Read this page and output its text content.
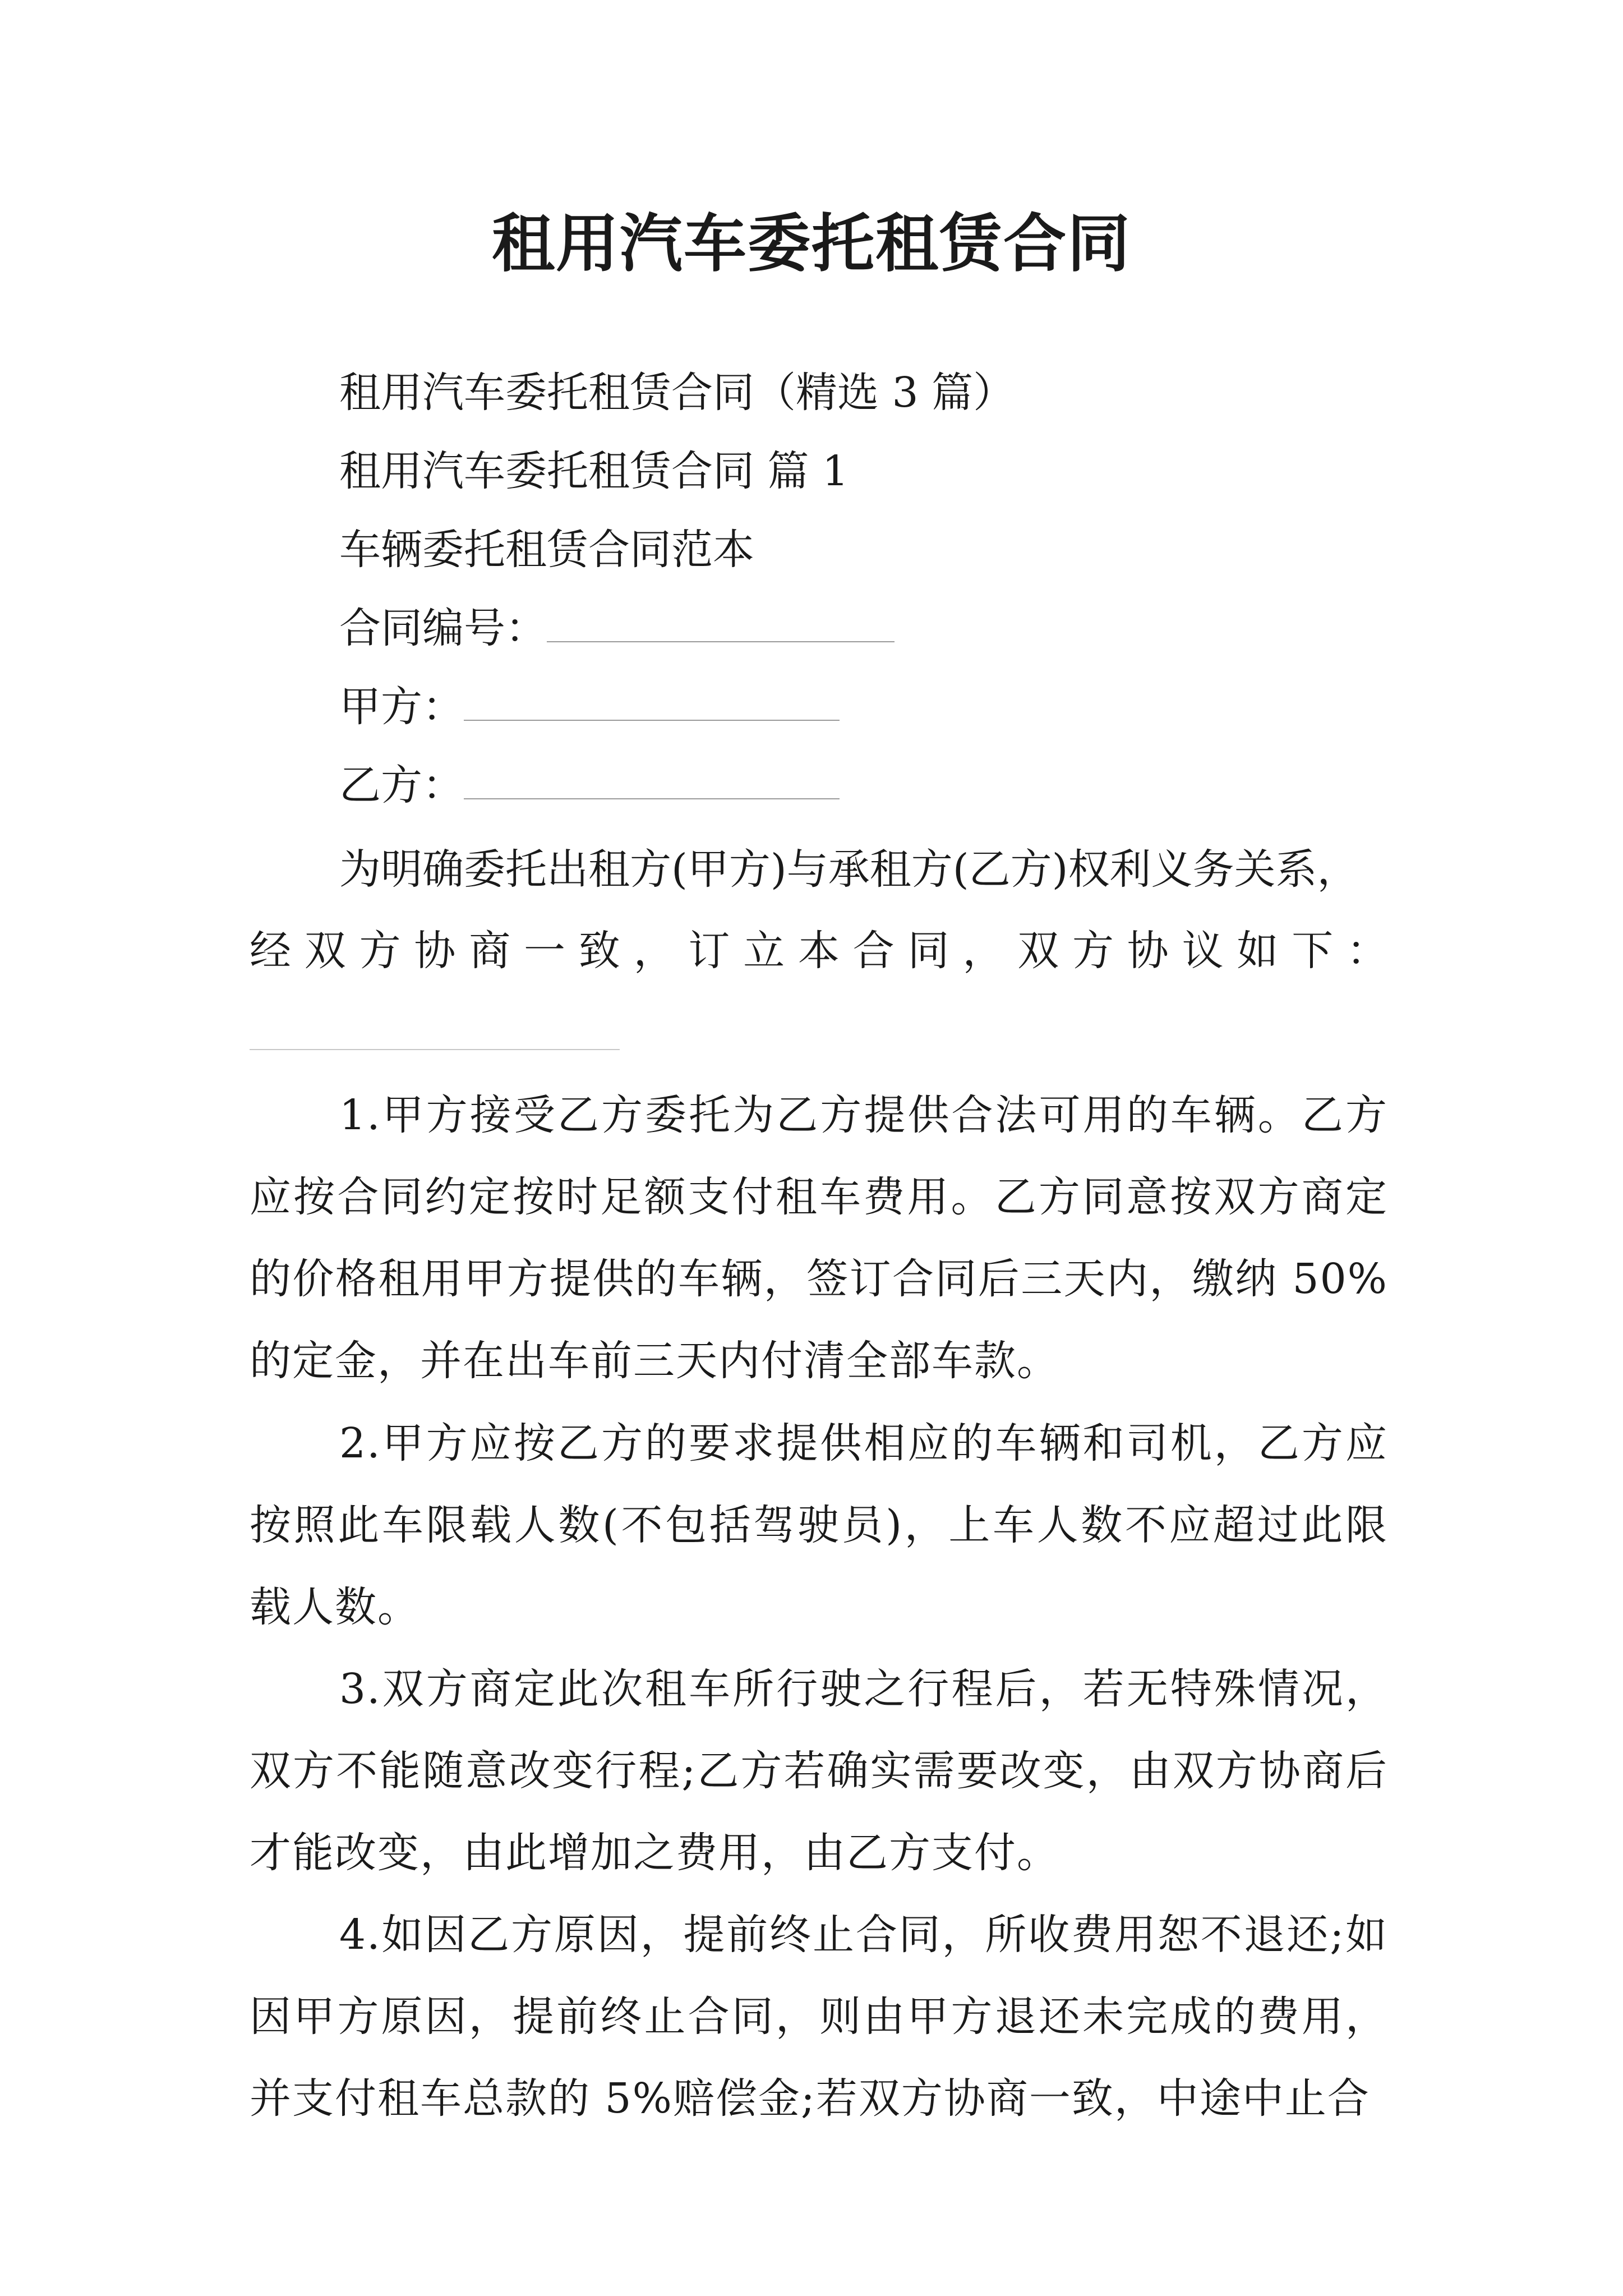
租用汽车委托租赁合同
租用汽车委托租赁合同（精选 3 篇）
租用汽车委托租赁合同 篇 1
车辆委托租赁合同范本
合同编号：
甲方：
乙方：
为明确委托出租方(甲方)与承租方(乙方)权利义务关系，
经双方协商一致，订立本合同，双方协议如下：
1.甲方接受乙方委托为乙方提供合法可用的车辆。乙方应按合同约定按时足额支付租车费用。乙方同意按双方商定的价格租用甲方提供的车辆，签订合同后三天内，缴纳 50%的定金，并在出车前三天内付清全部车款。
2.甲方应按乙方的要求提供相应的车辆和司机，乙方应按照此车限载人数(不包括驾驶员)，上车人数不应超过此限载人数。
3.双方商定此次租车所行驶之行程后，若无特殊情况，双方不能随意改变行程;乙方若确实需要改变，由双方协商后才能改变，由此增加之费用，由乙方支付。
4.如因乙方原因，提前终止合同，所收费用恕不退还;如因甲方原因，提前终止合同，则由甲方退还未完成的费用，并支付租车总款的 5%赔偿金;若双方协商一致，中途中止合
